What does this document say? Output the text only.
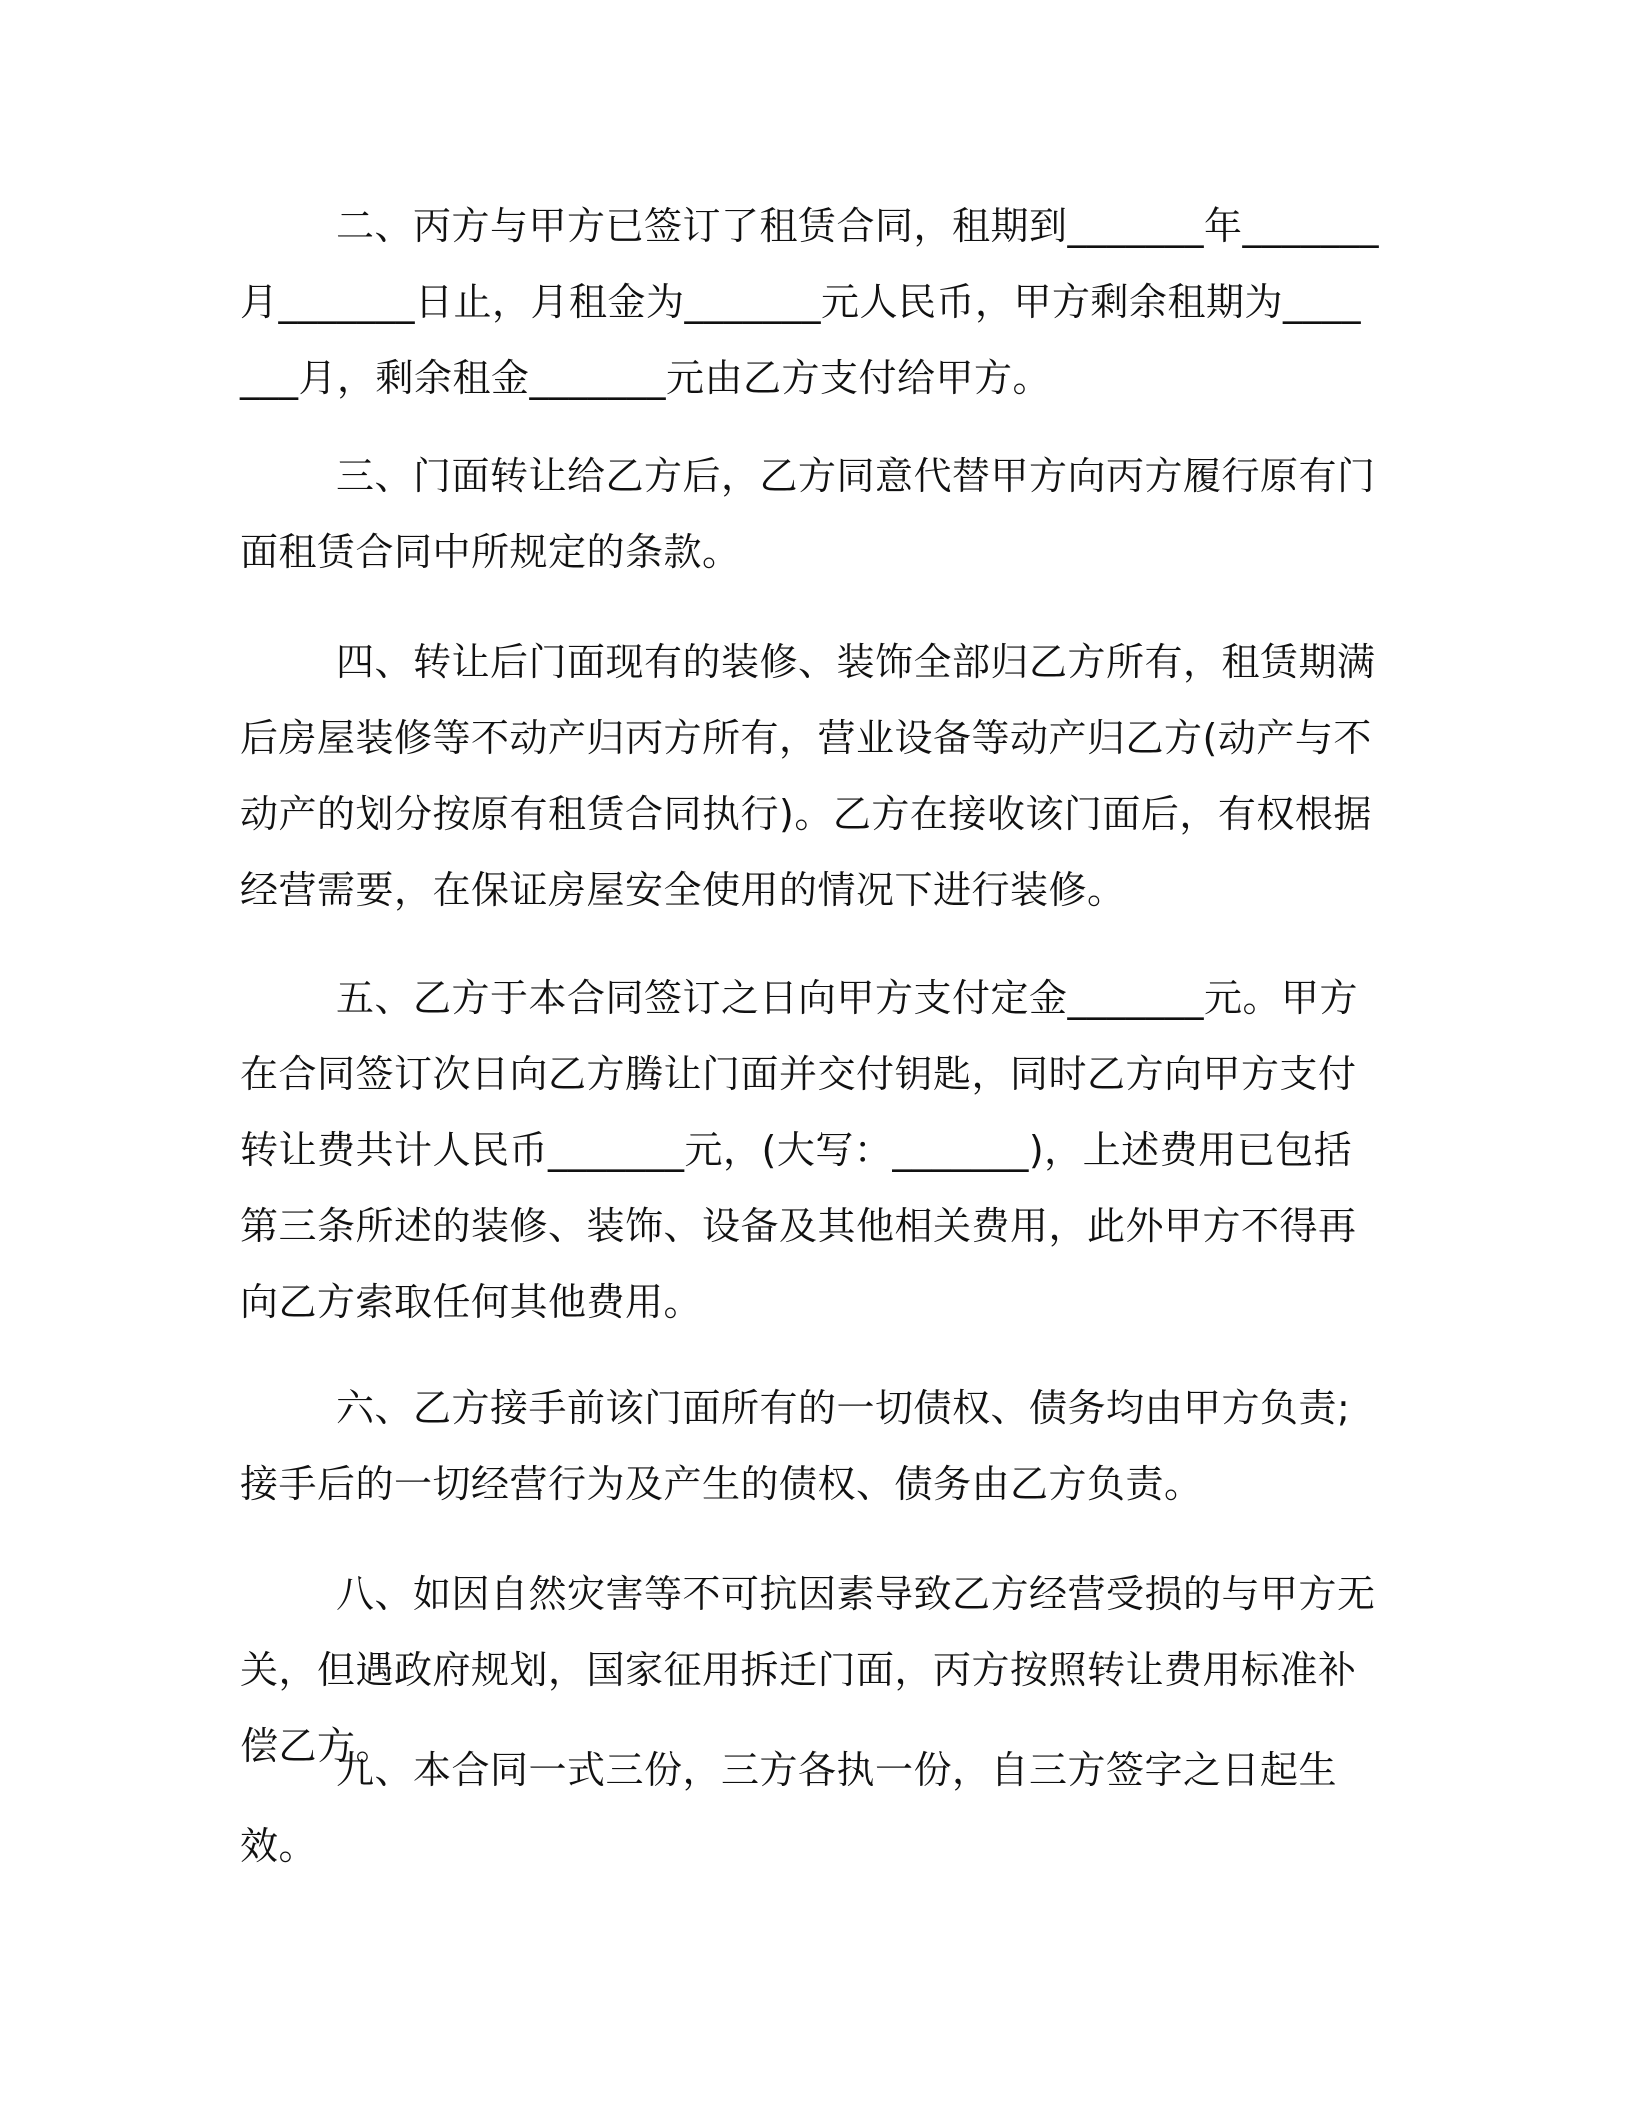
二、丙方与甲方已签订了租赁合同，租期到_______年_______月_______日止，月租金为_______元人民币，甲方剩余租期为_______月，剩余租金_______元由乙方支付给甲方。

三、门面转让给乙方后，乙方同意代替甲方向丙方履行原有门面租赁合同中所规定的条款。

四、转让后门面现有的装修、装饰全部归乙方所有，租赁期满后房屋装修等不动产归丙方所有，营业设备等动产归乙方(动产与不动产的划分按原有租赁合同执行)。乙方在接收该门面后，有权根据经营需要，在保证房屋安全使用的情况下进行装修。

五、乙方于本合同签订之日向甲方支付定金_______元。甲方在合同签订次日向乙方腾让门面并交付钥匙，同时乙方向甲方支付转让费共计人民币_______元，(大写：_______)，上述费用已包括第三条所述的装修、装饰、设备及其他相关费用，此外甲方不得再向乙方索取任何其他费用。

六、乙方接手前该门面所有的一切债权、债务均由甲方负责;接手后的一切经营行为及产生的债权、债务由乙方负责。

八、如因自然灾害等不可抗因素导致乙方经营受损的与甲方无关，但遇政府规划，国家征用拆迁门面，丙方按照转让费用标准补偿乙方。

九、本合同一式三份，三方各执一份，自三方签字之日起生效。
